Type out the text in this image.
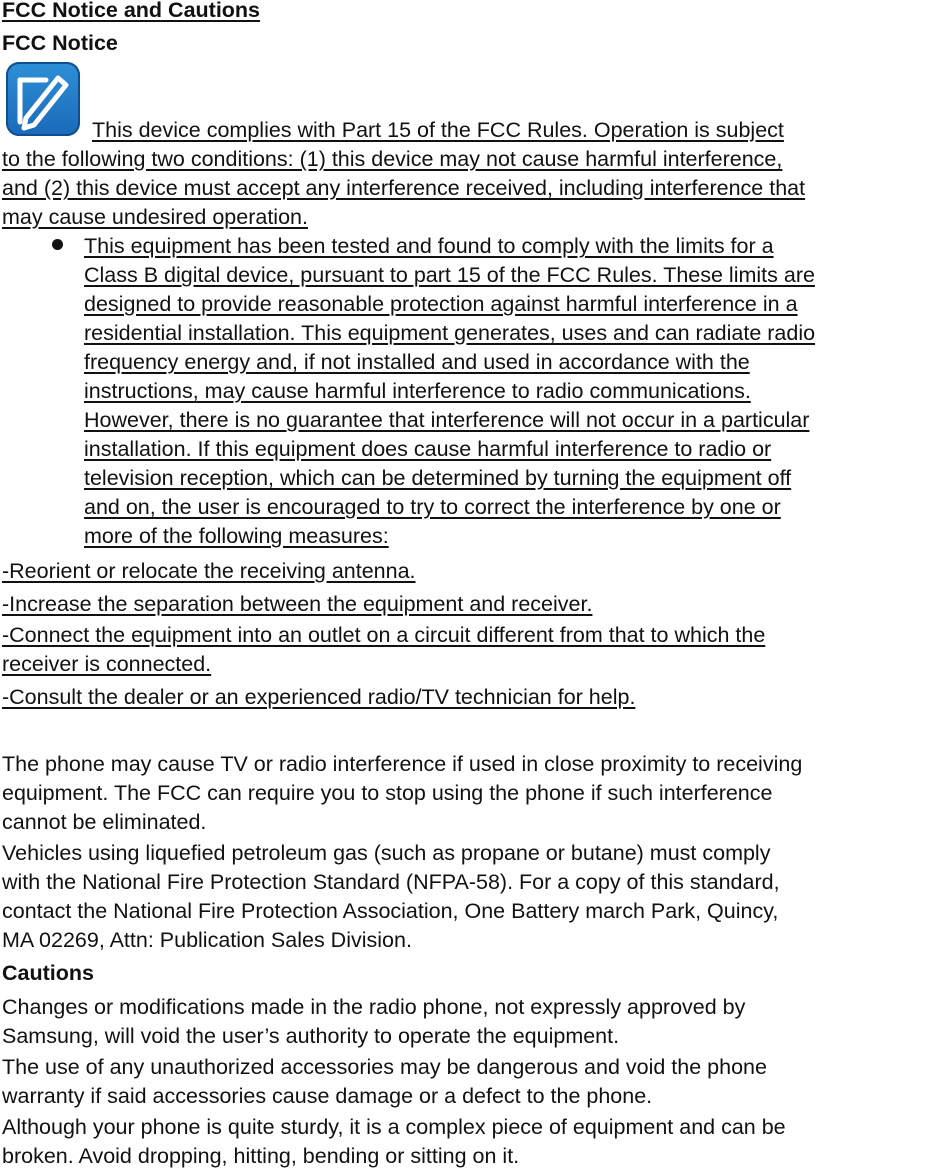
FCC Notice and Cautions
FCC Notice
This device complies with Part 15 of the FCC Rules. Operation is subject
to the following two conditions: (1) this device may not cause harmful interference,
and (2) this device must accept any interference received, including interference that
may cause undesired operation.
This equipment has been tested and found to comply with the limits for a
Class B digital device, pursuant to part 15 of the FCC Rules. These limits are
designed to provide reasonable protection against harmful interference in a
residential installation. This equipment generates, uses and can radiate radio
frequency energy and, if not installed and used in accordance with the
instructions, may cause harmful interference to radio communications.
However, there is no guarantee that interference will not occur in a particular
installation. If this equipment does cause harmful interference to radio or
television reception, which can be determined by turning the equipment off
and on, the user is encouraged to try to correct the interference by one or
more of the following measures:
-Reorient or relocate the receiving antenna.
-Increase the separation between the equipment and receiver.
-Connect the equipment into an outlet on a circuit different from that to which the
receiver is connected.
-Consult the dealer or an experienced radio/TV technician for help.
The phone may cause TV or radio interference if used in close proximity to receiving
equipment. The FCC can require you to stop using the phone if such interference
cannot be eliminated.
Vehicles using liquefied petroleum gas (such as propane or butane) must comply
with the National Fire Protection Standard (NFPA-58). For a copy of this standard,
contact the National Fire Protection Association, One Battery march Park, Quincy,
MA 02269, Attn: Publication Sales Division.
Cautions
Changes or modifications made in the radio phone, not expressly approved by
Samsung, will void the user’s authority to operate the equipment.
The use of any unauthorized accessories may be dangerous and void the phone
warranty if said accessories cause damage or a defect to the phone.
Although your phone is quite sturdy, it is a complex piece of equipment and can be
broken. Avoid dropping, hitting, bending or sitting on it.
